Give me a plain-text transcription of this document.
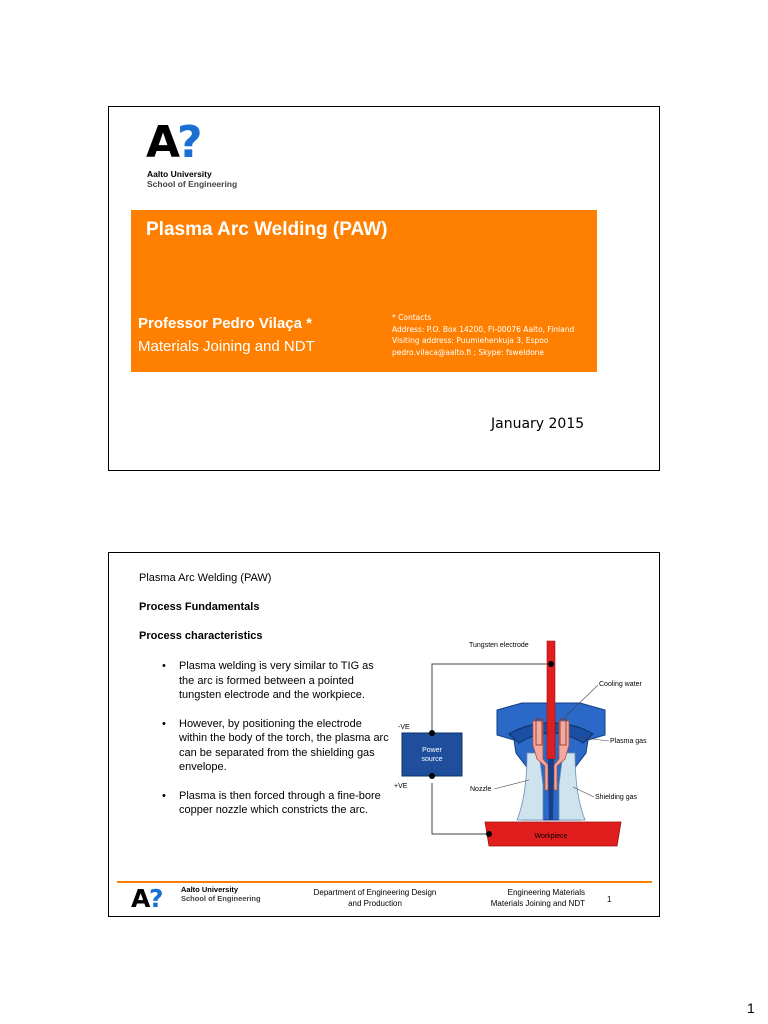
A
?
Aalto University
School of Engineering
Plasma Arc Welding (PAW)
Professor Pedro Vilaça *
Materials Joining and NDT
* Contacts
Address: P.O. Box 14200, FI-00076 Aalto, Finland
Visiting address: Puumiehenkuja 3, Espoo
pedro.vilaca@aalto.fi ; Skype: fsweldone
January 2015
Plasma Arc Welding (PAW)
Process Fundamentals
Process characteristics
• Plasma welding is very similar to TIG as the arc is formed between a pointed tungsten electrode and the workpiece.
• However, by positioning the electrode within the body of the torch, the plasma arc can be separated from the shielding gas envelope.
• Plasma is then forced through a fine-bore copper nozzle which constricts the arc.
Power
source
-VE
+VE
Workpiece
Tungsten electrode
Cooling water
Plasma gas
Shielding gas
Nozzle
A
? Aalto University
School of Engineering
Department of Engineering Design
and Production
Engineering Materials
Materials Joining and NDT	1
1
